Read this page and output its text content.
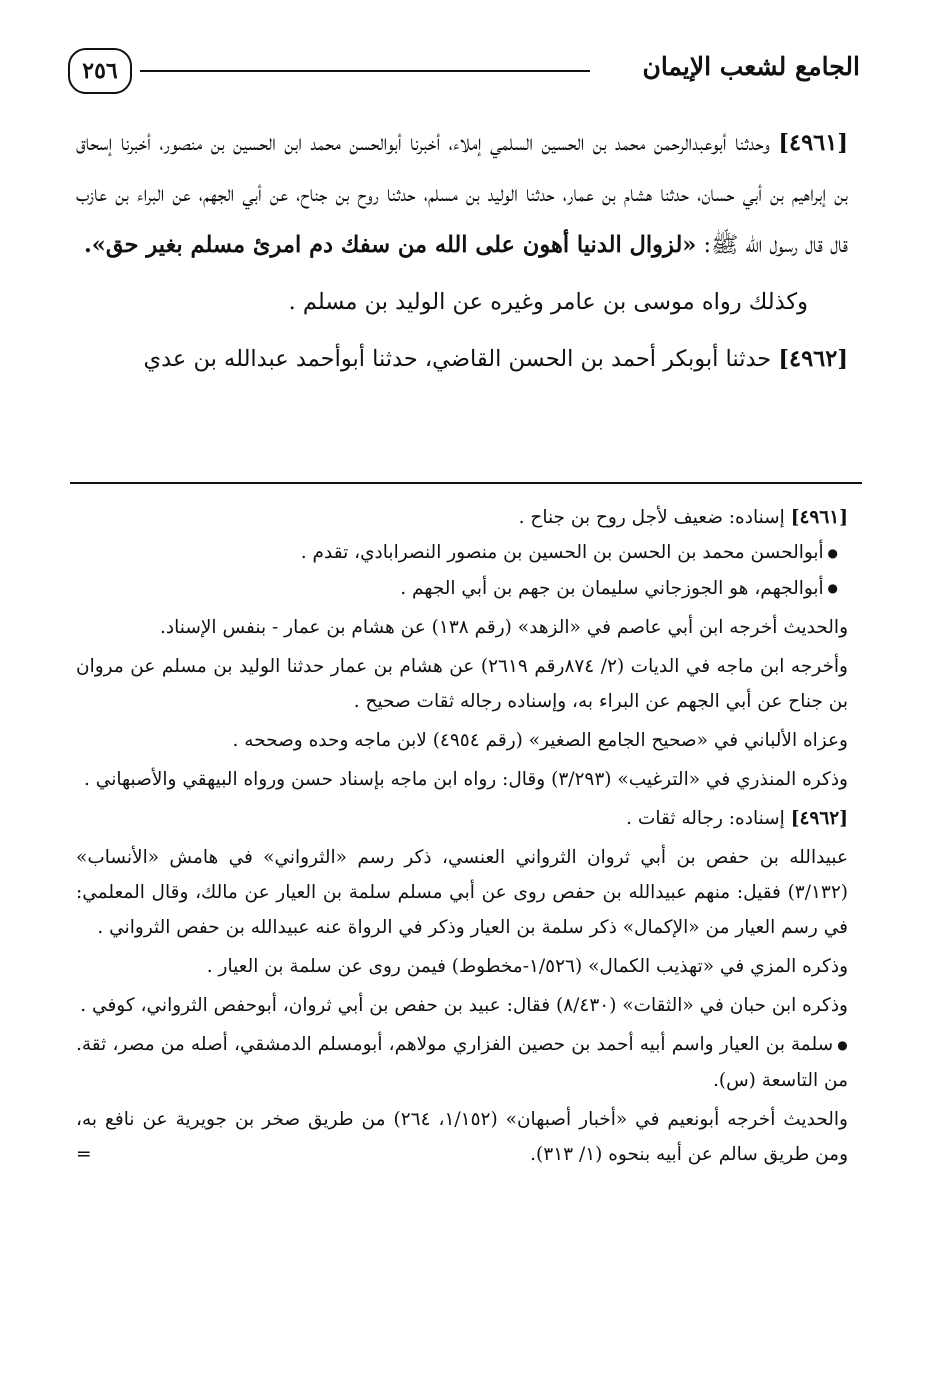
الجامع لشعب الإيمان
٢٥٦

[٤٩٦١] وحدثنا أبوعبدالرحمن محمد بن الحسين السلمي إملاء، أخبرنا أبوالحسن محمد ابن الحسين بن منصور، أخبرنا إسحاق بن إبراهيم بن أبي حسان، حدثنا هشام بن عمار، حدثنا الوليد بن مسلم، حدثنا روح بن جناح، عن أبي الجهم، عن البراء بن عازب قال قال رسول الله ﷺ: «لزوال الدنيا أهون على الله من سفك دم امرئ مسلم بغير حق».

وكذلك رواه موسى بن عامر وغيره عن الوليد بن مسلم .

[٤٩٦٢] حدثنا أبوبكر أحمد بن الحسن القاضي، حدثنا أبوأحمد عبدالله بن عدي

[٤٩٦١] إسناده: ضعيف لأجل روح بن جناح .

● أبوالحسن محمد بن الحسن بن الحسين بن منصور النصرابادي، تقدم .

● أبوالجهم، هو الجوزجاني سليمان بن جهم بن أبي الجهم .

والحديث أخرجه ابن أبي عاصم في «الزهد» (رقم ١٣٨) عن هشام بن عمار - بنفس الإسناد.

وأخرجه ابن ماجه في الديات (٢/ ٨٧٤رقم ٢٦١٩) عن هشام بن عمار حدثنا الوليد بن مسلم عن مروان بن جناح عن أبي الجهم عن البراء به، وإسناده رجاله ثقات صحيح .

وعزاه الألباني في «صحيح الجامع الصغير» (رقم ٤٩٥٤) لابن ماجه وحده وصححه .

وذكره المنذري في «الترغيب» (٣/٢٩٣) وقال: رواه ابن ماجه بإسناد حسن ورواه البيهقي والأصبهاني .

[٤٩٦٢] إسناده: رجاله ثقات .

عبيدالله بن حفص بن أبي ثروان الثرواني العنسي، ذكر رسم «الثرواني» في هامش «الأنساب» (٣/١٣٢) فقيل: منهم عبيدالله بن حفص روى عن أبي مسلم سلمة بن العيار عن مالك، وقال المعلمي: في رسم العيار من «الإكمال» ذكر سلمة بن العيار وذكر في الرواة عنه عبيدالله بن حفص الثرواني .

وذكره المزي في «تهذيب الكمال» (١/٥٢٦-مخطوط) فيمن روى عن سلمة بن العيار .

وذكره ابن حبان في «الثقات» (٨/٤٣٠) فقال: عبيد بن حفص بن أبي ثروان، أبوحفص الثرواني، كوفي .

● سلمة بن العيار واسم أبيه أحمد بن حصين الفزاري مولاهم، أبومسلم الدمشقي، أصله من مصر، ثقة. من التاسعة (س).

والحديث أخرجه أبونعيم في «أخبار أصبهان» (١/١٥٢، ٢٦٤) من طريق صخر بن جويرية عن نافع به، ومن طريق سالم عن أبيه بنحوه (١/ ٣١٣).
=
